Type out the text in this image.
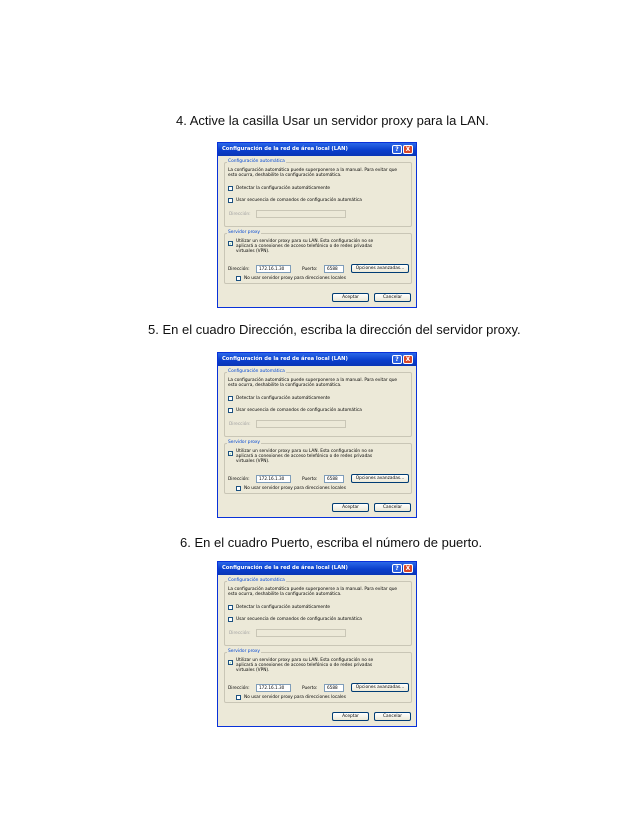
4. Active la casilla Usar un servidor proxy para la LAN.
5. En el cuadro Dirección, escriba la dirección del servidor proxy.
6. En el cuadro Puerto, escriba el número de puerto.
Configuración de la red de área local (LAN)	?	X
Configuración automática
La configuración automática puede superponerse a la manual. Para evitar que esto ocurra, deshabilite la configuración automática.
Detectar la configuración automáticamente
Usar secuencia de comandos de configuración automática
Dirección:
Servidor proxy
✓ Utilizar un servidor proxy para su LAN. Esta configuración no se aplicará a conexiones de acceso telefónico o de redes privadas virtuales (VPN).
Dirección:	172.16.1.30	Puerto:	6588	Opciones avanzadas...
No usar servidor proxy para direcciones locales
Aceptar	Cancelar
Configuración de la red de área local (LAN)	?	X
Configuración automática
La configuración automática puede superponerse a la manual. Para evitar que esto ocurra, deshabilite la configuración automática.
Detectar la configuración automáticamente
Usar secuencia de comandos de configuración automática
Dirección:
Servidor proxy
✓ Utilizar un servidor proxy para su LAN. Esta configuración no se aplicará a conexiones de acceso telefónico o de redes privadas virtuales (VPN).
Dirección:	172.16.1.30	Puerto:	6588	Opciones avanzadas...
No usar servidor proxy para direcciones locales
Aceptar	Cancelar
Configuración de la red de área local (LAN)	?	X
Configuración automática
La configuración automática puede superponerse a la manual. Para evitar que esto ocurra, deshabilite la configuración automática.
Detectar la configuración automáticamente
Usar secuencia de comandos de configuración automática
Dirección:
Servidor proxy
✓ Utilizar un servidor proxy para su LAN. Esta configuración no se aplicará a conexiones de acceso telefónico o de redes privadas virtuales (VPN).
Dirección:	172.16.1.30	Puerto:	6588	Opciones avanzadas...
No usar servidor proxy para direcciones locales
Aceptar	Cancelar
